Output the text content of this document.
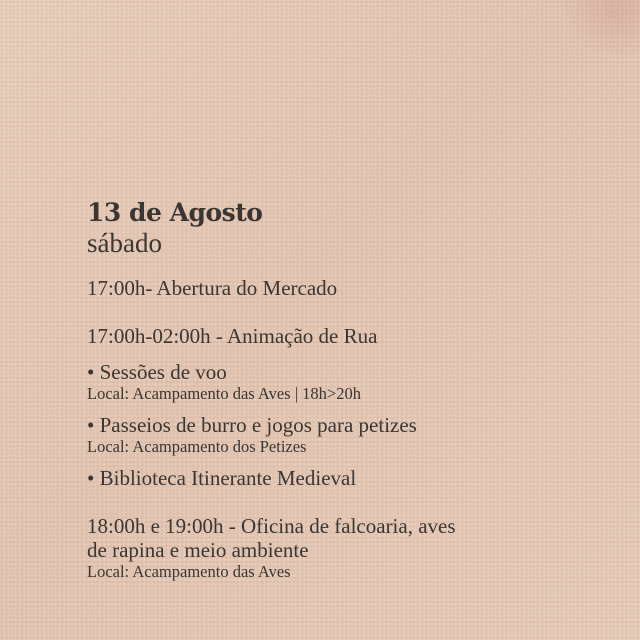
13 de Agosto

sábado

17:00h- Abertura do Mercado

17:00h-02:00h - Animação de Rua

• Sessões de voo

Local: Acampamento das Aves | 18h>20h

• Passeios de burro e jogos para petizes

Local: Acampamento dos Petizes

• Biblioteca Itinerante Medieval

18:00h e 19:00h - Oficina de falcoaria, aves

de rapina e meio ambiente

Local: Acampamento das Aves
